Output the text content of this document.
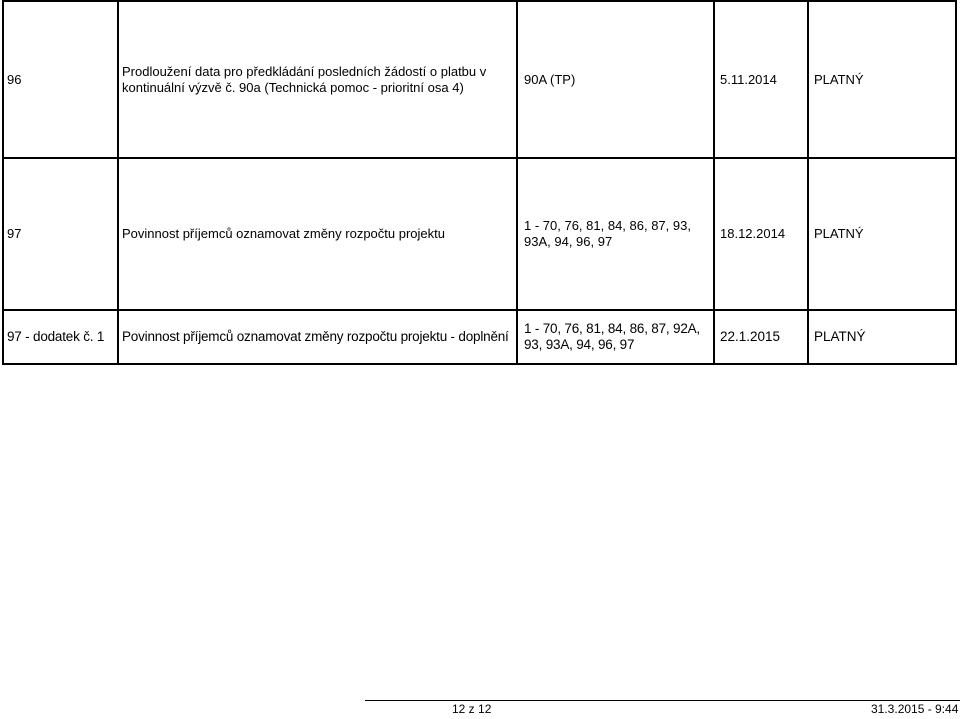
96	Prodloužení data pro předkládání posledních žádostí o platbu v kontinuální výzvě č. 90a (Technická pomoc - prioritní osa 4)	90A (TP)	5.11.2014	PLATNÝ
97	Povinnost příjemců oznamovat změny rozpočtu projektu	1 - 70, 76, 81, 84, 86, 87, 93, 93A, 94, 96, 97	18.12.2014	PLATNÝ
97 - dodatek č. 1	Povinnost příjemců oznamovat změny rozpočtu projektu - doplnění	1 - 70, 76, 81, 84, 86, 87, 92A, 93, 93A, 94, 96, 97	22.1.2015	PLATNÝ
12 z 12	31.3.2015 - 9:44
